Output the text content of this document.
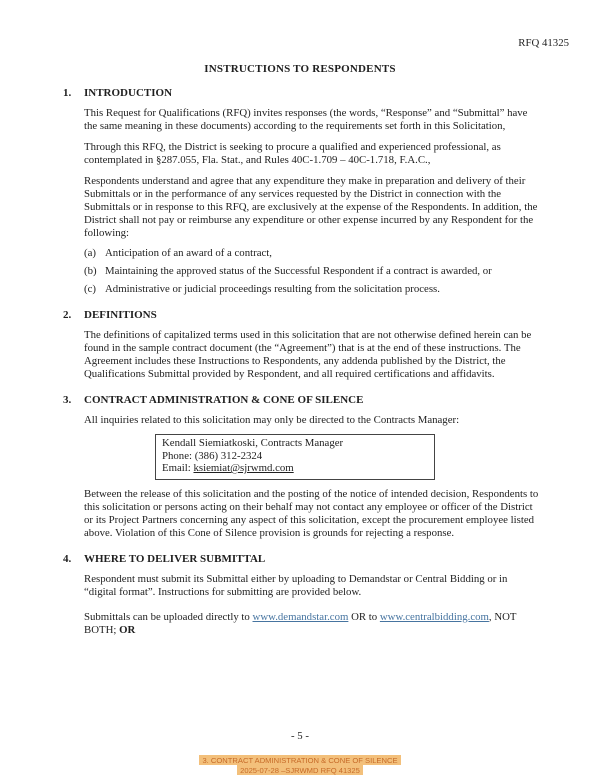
RFQ 41325
INSTRUCTIONS TO RESPONDENTS
1.	INTRODUCTION
This Request for Qualifications (RFQ) invites responses (the words, “Response” and “Submittal” have the same meaning in these documents) according to the requirements set forth in this Solicitation,
Through this RFQ, the District is seeking to procure a qualified and experienced professional, as contemplated in §287.055, Fla. Stat., and Rules 40C-1.709 – 40C-1.718, F.A.C.,
Respondents understand and agree that any expenditure they make in preparation and delivery of their Submittals or in the performance of any services requested by the District in connection with the Submittals or in response to this RFQ, are exclusively at the expense of the Respondents. In addition, the District shall not pay or reimburse any expenditure or other expense incurred by any Respondent for the following:
(a) Anticipation of an award of a contract,
(b) Maintaining the approved status of the Successful Respondent if a contract is awarded, or
(c) Administrative or judicial proceedings resulting from the solicitation process.
2.	DEFINITIONS
The definitions of capitalized terms used in this solicitation that are not otherwise defined herein can be found in the sample contract document (the “Agreement”) that is at the end of these instructions. The Agreement includes these Instructions to Respondents, any addenda published by the District, the Qualifications Submittal provided by Respondent, and all required certifications and affidavits.
3.	CONTRACT ADMINISTRATION & CONE OF SILENCE
All inquiries related to this solicitation may only be directed to the Contracts Manager:
Kendall Siemiatkoski, Contracts Manager
Phone: (386) 312-2324
Email: ksiemiat@sjrwmd.com
Between the release of this solicitation and the posting of the notice of intended decision, Respondents to this solicitation or persons acting on their behalf may not contact any employee or officer of the District or its Project Partners concerning any aspect of this solicitation, except the procurement employee listed above. Violation of this Cone of Silence provision is grounds for rejecting a response.
4.	WHERE TO DELIVER SUBMITTAL
Respondent must submit its Submittal either by uploading to Demandstar or Central Bidding or in “digital format”. Instructions for submitting are provided below.
Submittals can be uploaded directly to www.demandstar.com OR to www.centralbidding.com, NOT BOTH; OR
- 5 -
3. CONTRACT ADMINISTRATION & CONE OF SILENCE
2025-07-28 –SJRWMD RFQ 41325
